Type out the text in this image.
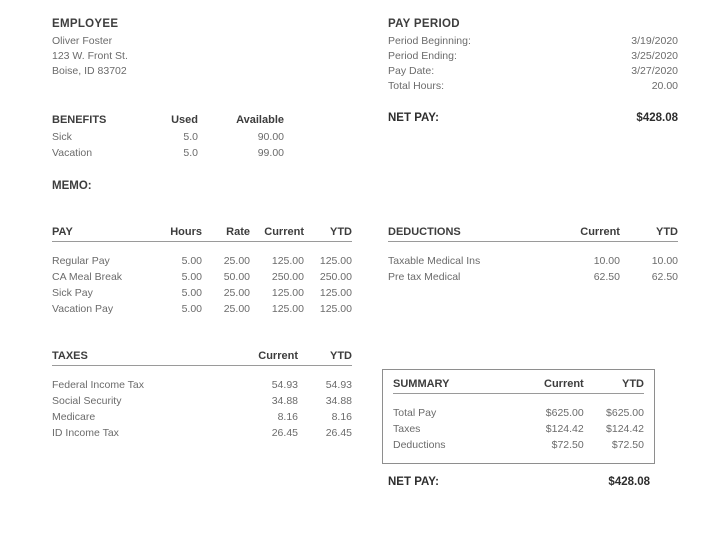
EMPLOYEE
Oliver Foster
123 W. Front St.
Boise, ID 83702
PAY PERIOD
Period Beginning:	3/19/2020
Period Ending:	3/25/2020
Pay Date:	3/27/2020
Total Hours:	20.00
NET PAY:	$428.08
BENEFITS	Used	Available
Sick	5.0	90.00
Vacation	5.0	99.00
MEMO:
PAY	Hours	Rate	Current	YTD

Regular Pay	5.00	25.00	125.00	125.00
CA Meal Break	5.00	50.00	250.00	250.00
Sick Pay	5.00	25.00	125.00	125.00
Vacation Pay	5.00	25.00	125.00	125.00
DEDUCTIONS	Current	YTD

Taxable Medical Ins	10.00	10.00
Pre tax Medical	62.50	62.50
TAXES	Current	YTD

Federal Income Tax	54.93	54.93
Social Security	34.88	34.88
Medicare	8.16	8.16
ID Income Tax	26.45	26.45
SUMMARY	Current	YTD

Total Pay	$625.00	$625.00
Taxes	$124.42	$124.42
Deductions	$72.50	$72.50
NET PAY:	$428.08
